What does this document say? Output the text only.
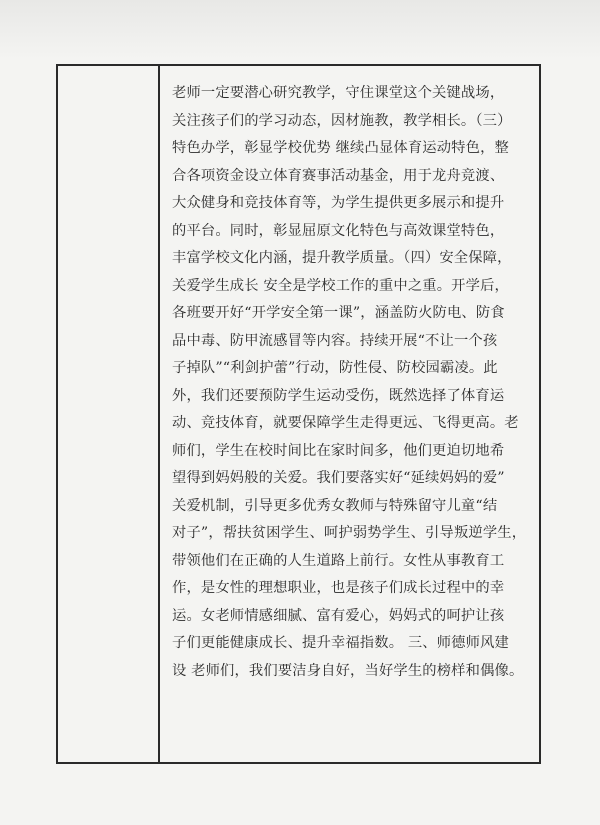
老师一定要潜心研究教学，守住课堂这个关键战场，
关注孩子们的学习动态，因材施教，教学相长。（三）
特色办学，彰显学校优势 继续凸显体育运动特色，整
合各项资金设立体育赛事活动基金，用于龙舟竞渡、
大众健身和竞技体育等，为学生提供更多展示和提升
的平台。同时，彰显屈原文化特色与高效课堂特色，
丰富学校文化内涵，提升教学质量。（四）安全保障，
关爱学生成长 安全是学校工作的重中之重。开学后，
各班要开好“开学安全第一课”，涵盖防火防电、防食
品中毒、防甲流感冒等内容。持续开展“不让一个孩
子掉队”“利剑护蕾”行动，防性侵、防校园霸凌。此
外，我们还要预防学生运动受伤，既然选择了体育运
动、竞技体育，就要保障学生走得更远、飞得更高。老
师们，学生在校时间比在家时间多，他们更迫切地希
望得到妈妈般的关爱。我们要落实好“延续妈妈的爱”
关爱机制，引导更多优秀女教师与特殊留守儿童“结
对子”，帮扶贫困学生、呵护弱势学生、引导叛逆学生，
带领他们在正确的人生道路上前行。女性从事教育工
作，是女性的理想职业，也是孩子们成长过程中的幸
运。女老师情感细腻、富有爱心，妈妈式的呵护让孩
子们更能健康成长、提升幸福指数。 三、师德师风建
设 老师们，我们要洁身自好，当好学生的榜样和偶像。
